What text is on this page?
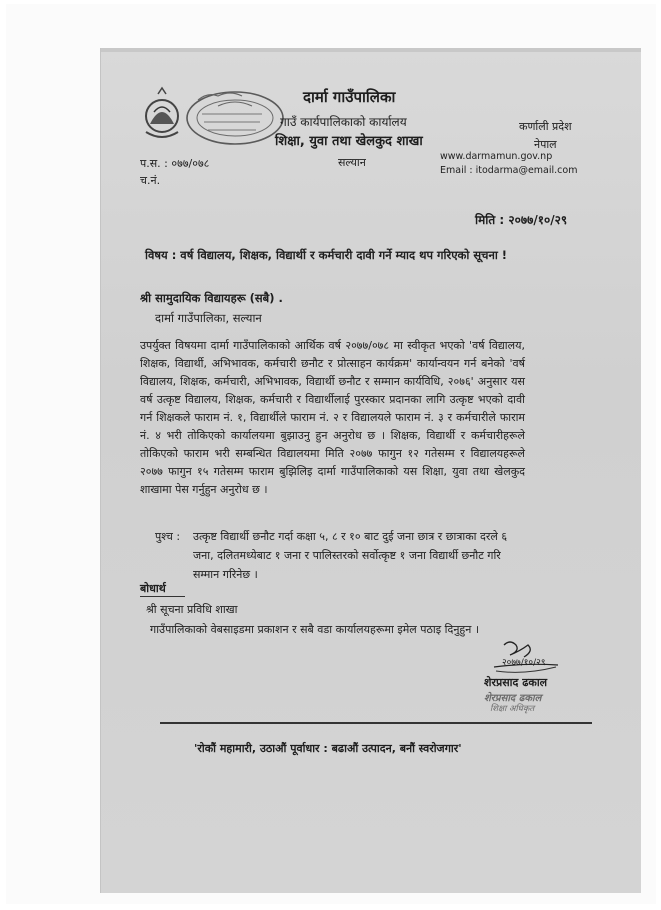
दार्मा गाउँपालिका
गाउँ कार्यपालिकाको कार्यालय
शिक्षा, युवा तथा खेलकुद शाखा
सल्यान
कर्णाली प्रदेश
नेपाल
www.darmamun.gov.np
Email : itodarma@email.com
प.स. : ०७७/०७८
च.नं.
मिति : २०७७/१०/२९
विषय : वर्ष विद्यालय, शिक्षक, विद्यार्थी र कर्मचारी दावी गर्ने म्याद थप गरिएको सूचना !
श्री सामुदायिक विद्यायहरू (सबै) .
दार्मा गाउँपालिका, सल्यान
उपर्युक्त विषयमा दार्मा गाउँपालिकाको आर्थिक वर्ष २०७७/०७८ मा स्वीकृत भएको 'वर्ष विद्यालय, शिक्षक, विद्यार्थी, अभिभावक, कर्मचारी छनौट र प्रोत्साहन कार्यक्रम' कार्यान्वयन गर्न बनेको 'वर्ष विद्यालय, शिक्षक, कर्मचारी, अभिभावक, विद्यार्थी छनौट र सम्मान कार्यविधि, २०७६' अनुसार यस वर्ष उत्कृष्ट विद्यालय, शिक्षक, कर्मचारी र विद्यार्थीलाई पुरस्कार प्रदानका लागि उत्कृष्ट भएको दावी गर्न शिक्षकले फाराम नं. १, विद्यार्थीले फाराम नं. २ र विद्यालयले फाराम नं. ३ र कर्मचारीले फाराम नं. ४ भरी तोकिएको कार्यालयमा बुझाउनु हुन अनुरोध छ । शिक्षक, विद्यार्थी र कर्मचारीहरूले तोकिएको फाराम भरी सम्बन्धित विद्यालयमा मिति २०७७ फागुन १२ गतेसम्म र विद्यालयहरूले २०७७ फागुन १५ गतेसम्म फाराम बुझिलिइ दार्मा गाउँपालिकाको यस शिक्षा, युवा तथा खेलकुद शाखामा पेस गर्नुहुन अनुरोध छ ।
पुश्च : उत्कृष्ट विद्यार्थी छनौट गर्दा कक्षा ५, ८ र १० बाट दुई जना छात्र र छात्राका दरले ६ जना, दलितमध्येबाट १ जना र पालिस्तरको सर्वोत्कृष्ट १ जना विद्यार्थी छनौट गरि सम्मान गरिनेछ ।
बोधार्थ
श्री सूचना प्रविधि शाखा
गाउँपालिकाको वेबसाइडमा प्रकाशन र सबै वडा कार्यालयहरूमा इमेल पठाइ दिनुहुन ।
२०७७/१०/२९
शेरप्रसाद ढकाल
शेरप्रसाद ढकाल
शिक्षा अधिकृत
'रोकौं महामारी, उठाऔं पूर्वाधार : बढाऔं उत्पादन, बनौं स्वरोजगार'
